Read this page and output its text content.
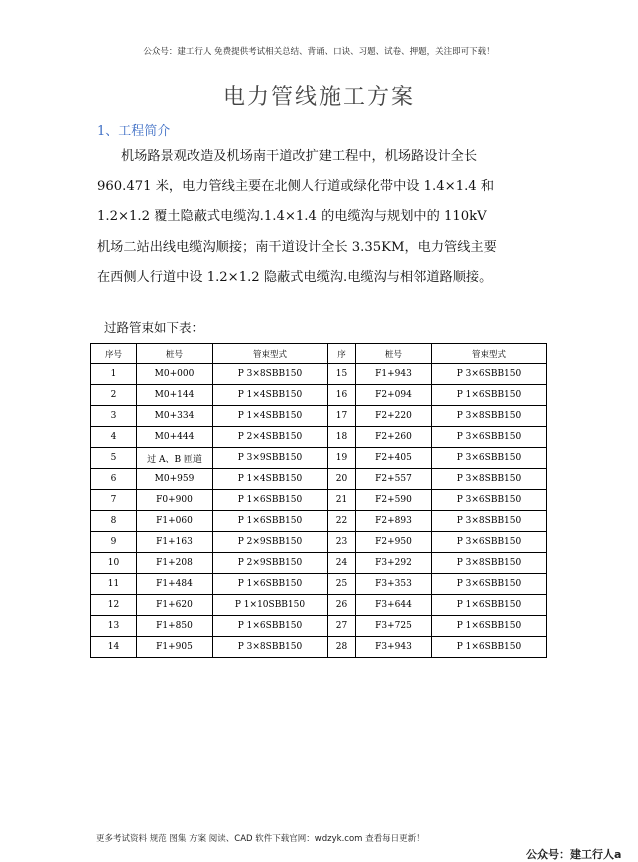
公众号：建工行人 免费提供考试相关总结、背诵、口诀、习题、试卷、押题，关注即可下载！
电力管线施工方案
1、工程简介
机场路景观改造及机场南干道改扩建工程中，机场路设计全长
960.471 米，电力管线主要在北侧人行道或绿化带中设 1.4×1.4 和
1.2×1.2 覆土隐蔽式电缆沟.1.4×1.4 的电缆沟与规划中的 110kV
机场二站出线电缆沟顺接；南干道设计全长 3.35KM，电力管线主要
在西侧人行道中设 1.2×1.2 隐蔽式电缆沟.电缆沟与相邻道路顺接。
过路管束如下表：
序号	桩号	管束型式	序	桩号	管束型式
1	M0+000	P 3×8SBB150	15	F1+943	P 3×6SBB150
2	M0+144	P 1×4SBB150	16	F2+094	P 1×6SBB150
3	M0+334	P 1×4SBB150	17	F2+220	P 3×8SBB150
4	M0+444	P 2×4SBB150	18	F2+260	P 3×6SBB150
5	过 A、B 匝道	P 3×9SBB150	19	F2+405	P 3×6SBB150
6	M0+959	P 1×4SBB150	20	F2+557	P 3×8SBB150
7	F0+900	P 1×6SBB150	21	F2+590	P 3×6SBB150
8	F1+060	P 1×6SBB150	22	F2+893	P 3×8SBB150
9	F1+163	P 2×9SBB150	23	F2+950	P 3×6SBB150
10	F1+208	P 2×9SBB150	24	F3+292	P 3×8SBB150
11	F1+484	P 1×6SBB150	25	F3+353	P 3×6SBB150
12	F1+620	P 1×10SBB150	26	F3+644	P 1×6SBB150
13	F1+850	P 1×6SBB150	27	F3+725	P 1×6SBB150
14	F1+905	P 3×8SBB150	28	F3+943	P 1×6SBB150
更多考试资料 规范 图集 方案 阅读、CAD 软件下载官网：wdzyk.com 查看每日更新！
公众号：建工行人a
